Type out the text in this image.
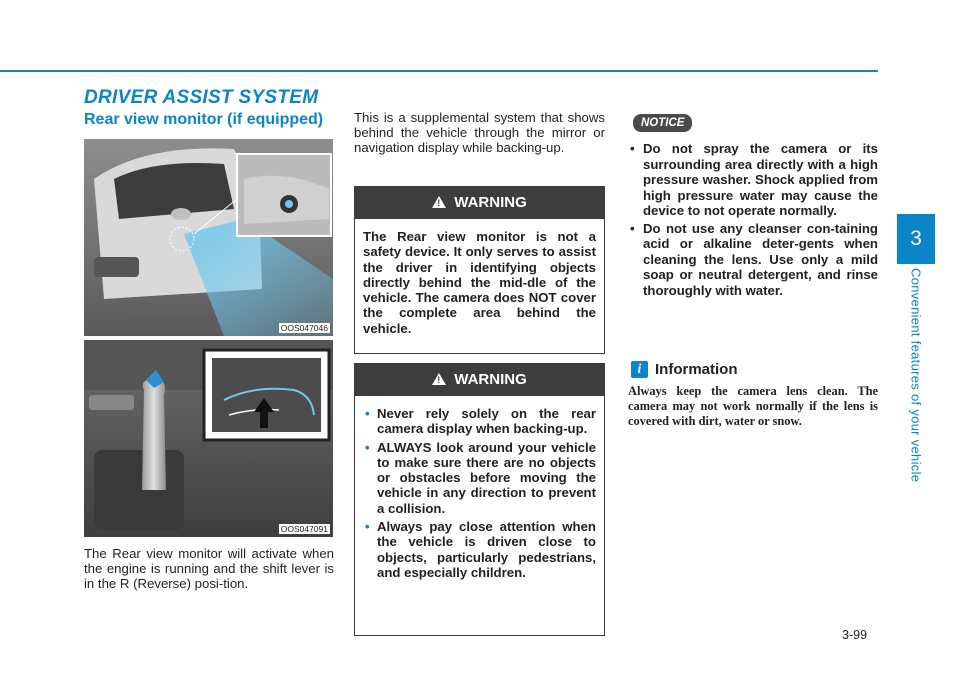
DRIVER ASSIST SYSTEM
Rear view monitor (if equipped)
OOS047046
OOS047091
The Rear view monitor will activate when the engine is running and the shift lever is in the R (Reverse) posi-tion.
This is a supplemental system that shows behind the vehicle through the mirror or navigation display while backing-up.
!WARNING
The Rear view monitor is not a safety device. It only serves to assist the driver in identifying objects directly behind the mid-dle of the vehicle. The camera does NOT cover the complete area behind the vehicle.
!WARNING
• Never rely solely on the rear camera display when backing-up.
• ALWAYS look around your vehicle to make sure there are no objects or obstacles before moving the vehicle in any direction to prevent a collision.
• Always pay close attention when the vehicle is driven close to objects, particularly pedestrians, and especially children.
NOTICE
• Do not spray the camera or its surrounding area directly with a high pressure washer. Shock applied from high pressure water may cause the device to not operate normally.
• Do not use any cleanser con-taining acid or alkaline deter-gents when cleaning the lens. Use only a mild soap or neutral detergent, and rinse thoroughly with water.
i Information
Always keep the camera lens clean. The camera may not work normally if the lens is covered with dirt, water or snow.
3
Convenient features of your vehicle
3-99
